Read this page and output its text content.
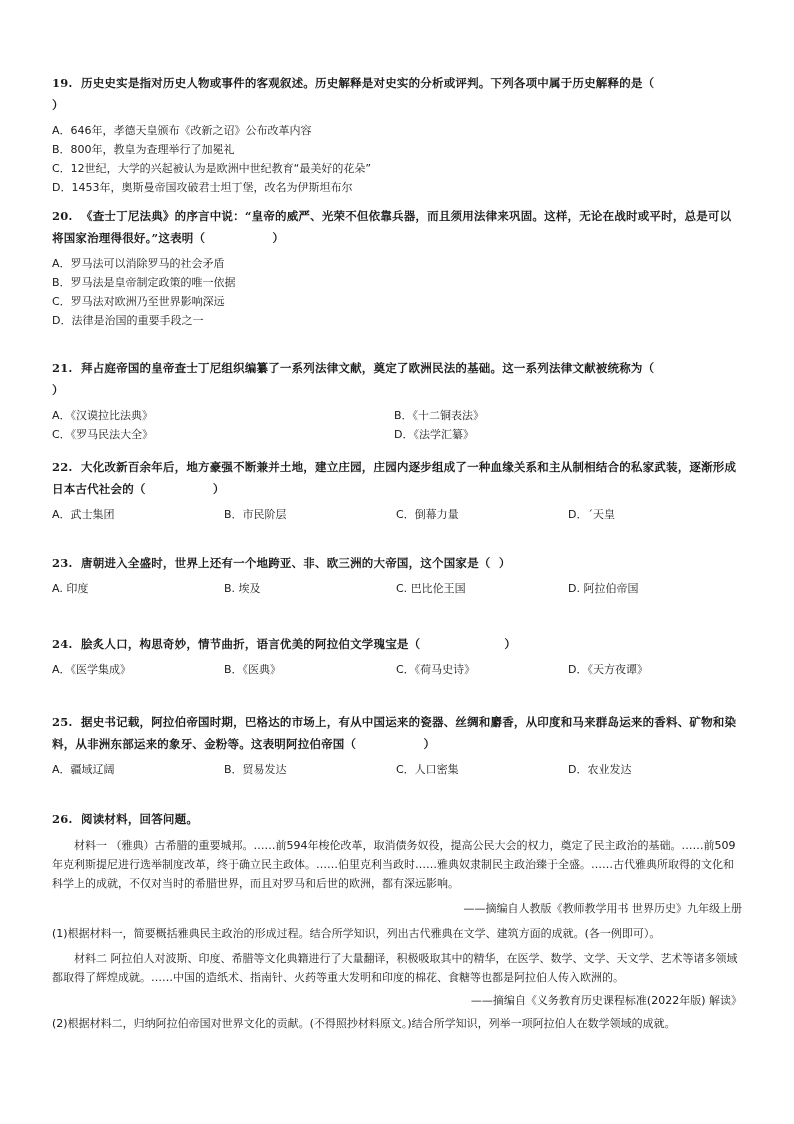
19.  历史史实是指对历史人物或事件的客观叙述。历史解释是对史实的分析或评判。下列各项中属于历史解释的是（                    ）
A．646年，孝德天皇颁布《改新之诏》公布改革内容
B．800年，教皇为查理举行了加冕礼
C．12世纪，大学的兴起被认为是欧洲中世纪教育“最美好的花朵”
D．1453年，奥斯曼帝国攻破君士坦丁堡，改名为伊斯坦布尔
20.  《查士丁尼法典》的序言中说：“皇帝的威严、光荣不但依靠兵器，而且须用法律来巩固。这样，无论在战时或平时，总是可以将国家治理得很好。”这表明（                ）
A．罗马法可以消除罗马的社会矛盾
B．罗马法是皇帝制定政策的唯一依据
C．罗马法对欧洲乃至世界影响深远
D．法律是治国的重要手段之一
21.  拜占庭帝国的皇帝查士丁尼组织编纂了一系列法律文献，奠定了欧洲民法的基础。这一系列法律文献被统称为（                    ）
A．《汉谟拉比法典》	B．《十二铜表法》
C．《罗马民法大全》	D．《法学汇纂》
22.  大化改新百余年后，地方豪强不断兼并土地，建立庄园，庄园内逐步组成了一种血缘关系和主从制相结合的私家武装，逐渐形成日本古代社会的（                ）
A．武士集团	B．市民阶层	C．倒幕力量	D．´天皇
23.  唐朝进入全盛时，世界上还有一个地跨亚、非、欧三洲的大帝国，这个国家是（  ）
A. 印度	B. 埃及	C. 巴比伦王国	D. 阿拉伯帝国
24.  脍炙人口，构思奇妙，情节曲折，语言优美的阿拉伯文学瑰宝是（                    ）
A．《医学集成》	B．《医典》	C．《荷马史诗》	D．《天方夜谭》
25.  据史书记载，阿拉伯帝国时期，巴格达的市场上，有从中国运来的瓷器、丝绸和麝香，从印度和马来群岛运来的香料、矿物和染料，从非洲东部运来的象牙、金粉等。这表明阿拉伯帝国（                ）
A．疆域辽阔	B．贸易发达	C．人口密集	D．农业发达
26.  阅读材料，回答问题。
材料一 （雅典）古希腊的重要城邦。……前594年梭伦改革，取消债务奴役，提高公民大会的权力，奠定了民主政治的基础。……前509年克利斯提尼进行选举制度改革，终于确立民主政体。……伯里克利当政时……雅典奴隶制民主政治臻于全盛。……古代雅典所取得的文化和科学上的成就，不仅对当时的希腊世界，而且对罗马和后世的欧洲，都有深远影响。
——摘编自人教版《教师教学用书 世界历史》九年级上册
(1)根据材料一，简要概括雅典民主政治的形成过程。结合所学知识，列出古代雅典在文学、建筑方面的成就。(各一例即可）。
材料二 阿拉伯人对波斯、印度、希腊等文化典籍进行了大量翻译，积极吸取其中的精华，在医学、数学、文学、天文学、艺术等诸多领域都取得了辉煌成就。……中国的造纸术、指南针、火药等重大发明和印度的棉花、食糖等也都是阿拉伯人传入欧洲的。
——摘编自《义务教育历史课程标准(2022年版) 解读》
(2)根据材料二，归纳阿拉伯帝国对世界文化的贡献。(不得照抄材料原文。)结合所学知识，列举一项阿拉伯人在数学领域的成就。
